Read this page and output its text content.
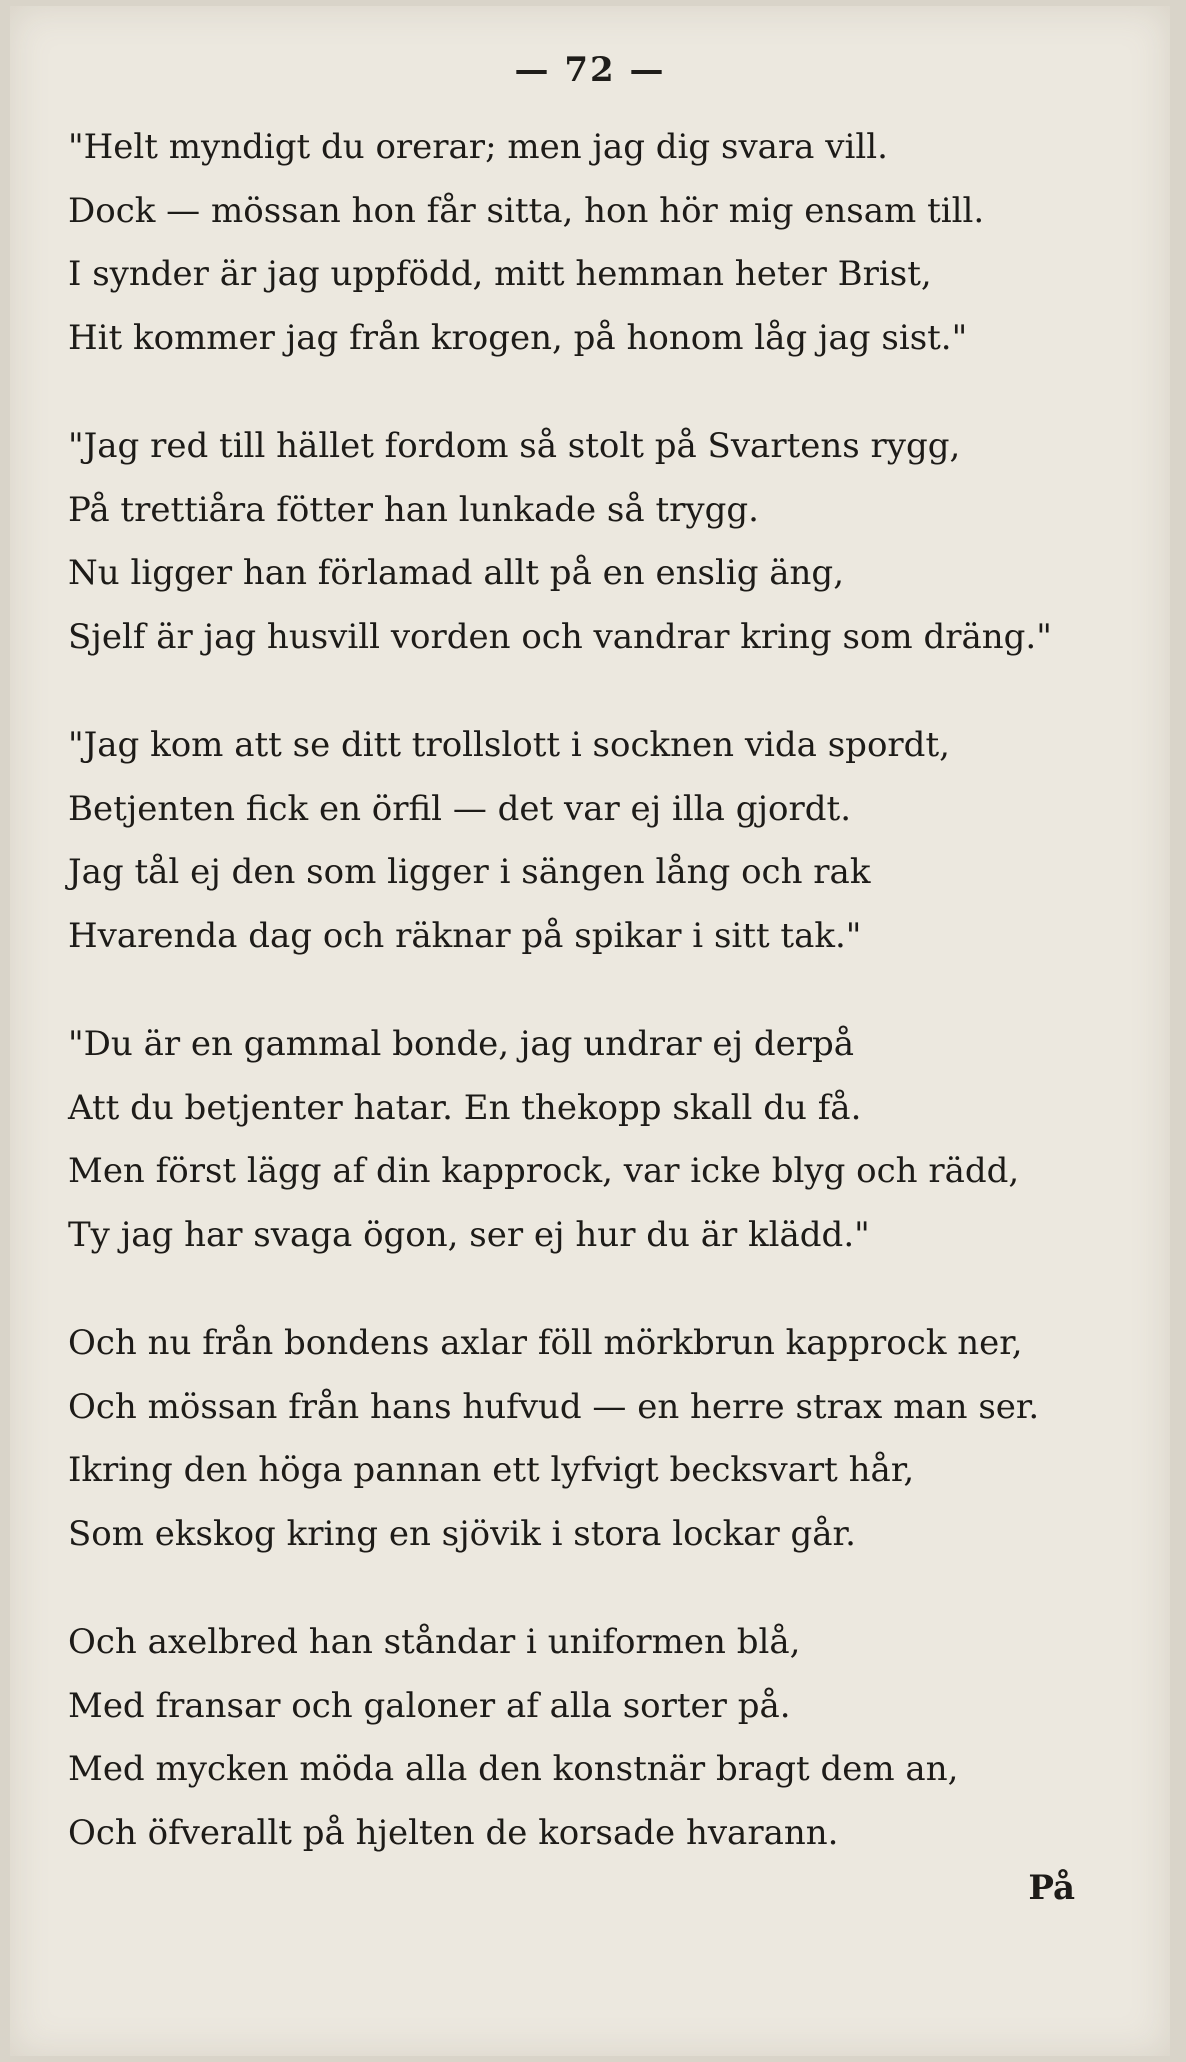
— 72 —
"Helt myndigt du orerar; men jag dig svara vill.
Dock — mössan hon får sitta, hon hör mig ensam till.
I synder är jag uppfödd, mitt hemman heter Brist,
Hit kommer jag från krogen, på honom låg jag sist."
"Jag red till hället fordom så stolt på Svartens rygg,
På trettiåra fötter han lunkade så trygg.
Nu ligger han förlamad allt på en enslig äng,
Sjelf är jag husvill vorden och vandrar kring som dräng."
"Jag kom att se ditt trollslott i socknen vida spordt,
Betjenten fick en örfil — det var ej illa gjordt.
Jag tål ej den som ligger i sängen lång och rak
Hvarenda dag och räknar på spikar i sitt tak."
"Du är en gammal bonde, jag undrar ej derpå
Att du betjenter hatar. En thekopp skall du få.
Men först lägg af din kapprock, var icke blyg och rädd,
Ty jag har svaga ögon, ser ej hur du är klädd."
Och nu från bondens axlar föll mörkbrun kapprock ner,
Och mössan från hans hufvud — en herre strax man ser.
Ikring den höga pannan ett lyfvigt becksvart hår,
Som ekskog kring en sjövik i stora lockar går.
Och axelbred han ståndar i uniformen blå,
Med fransar och galoner af alla sorter på.
Med mycken möda alla den konstnär bragt dem an,
Och öfverallt på hjelten de korsade hvarann.
På
